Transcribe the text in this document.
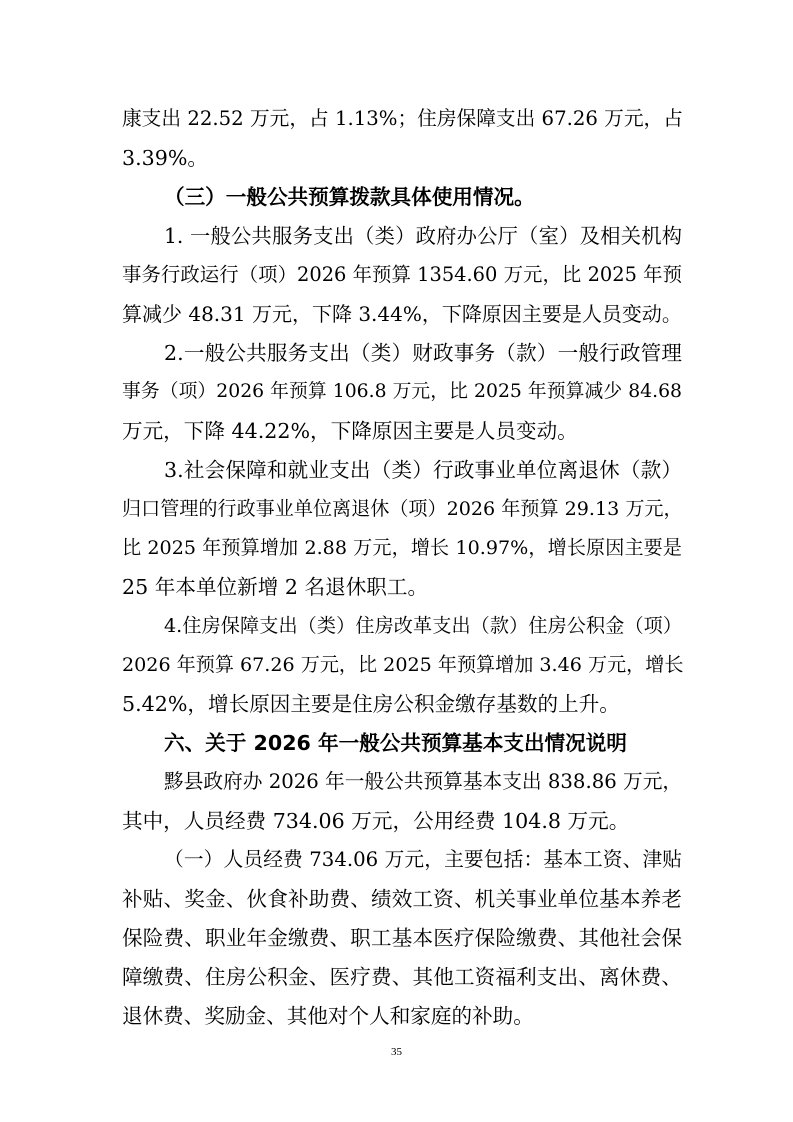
康支出 22.52 万元，占 1.13%；住房保障支出 67.26 万元，占
3.39%。
（三）一般公共预算拨款具体使用情况。
1. 一般公共服务支出（类）政府办公厅（室）及相关机构
事务行政运行（项）2026 年预算 1354.60 万元，比 2025 年预
算减少 48.31 万元，下降 3.44%，下降原因主要是人员变动。
2.一般公共服务支出（类）财政事务（款）一般行政管理
事务（项）2026 年预算 106.8 万元，比 2025 年预算减少 84.68
万元，下降 44.22%，下降原因主要是人员变动。
3.社会保障和就业支出（类）行政事业单位离退休（款）
归口管理的行政事业单位离退休（项）2026 年预算 29.13 万元，
比 2025 年预算增加 2.88 万元，增长 10.97%，增长原因主要是
25 年本单位新增 2 名退休职工。
4.住房保障支出（类）住房改革支出（款）住房公积金（项）
2026 年预算 67.26 万元，比 2025 年预算增加 3.46 万元，增长
5.42%，增长原因主要是住房公积金缴存基数的上升。
六、关于 2026 年一般公共预算基本支出情况说明
黟县政府办 2026 年一般公共预算基本支出 838.86 万元，
其中，人员经费 734.06 万元，公用经费 104.8 万元。
（一）人员经费 734.06 万元，主要包括：基本工资、津贴
补贴、奖金、伙食补助费、绩效工资、机关事业单位基本养老
保险费、职业年金缴费、职工基本医疗保险缴费、其他社会保
障缴费、住房公积金、医疗费、其他工资福利支出、离休费、
退休费、奖励金、其他对个人和家庭的补助。
35
